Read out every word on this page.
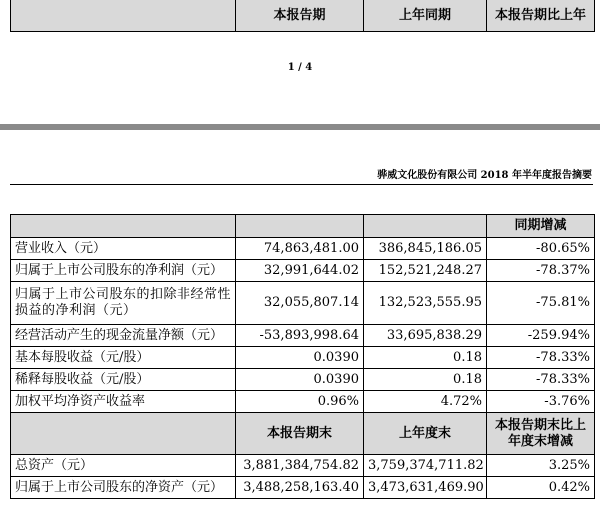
	本报告期	上年同期	本报告期比上年
1 / 4
骅威文化股份有限公司 2018 年半年度报告摘要
			同期增减
营业收入（元）	74,863,481.00	386,845,186.05	-80.65%
归属于上市公司股东的净利润（元）	32,991,644.02	152,521,248.27	-78.37%
归属于上市公司股东的扣除非经常性损益的净利润（元）	32,055,807.14	132,523,555.95	-75.81%
经营活动产生的现金流量净额（元）	-53,893,998.64	33,695,838.29	-259.94%
基本每股收益（元/股）	0.0390	0.18	-78.33%
稀释每股收益（元/股）	0.0390	0.18	-78.33%
加权平均净资产收益率	0.96%	4.72%	-3.76%
	本报告期末	上年度末	本报告期末比上年度末增减
总资产（元）	3,881,384,754.82	3,759,374,711.82	3.25%
归属于上市公司股东的净资产（元）	3,488,258,163.40	3,473,631,469.90	0.42%
